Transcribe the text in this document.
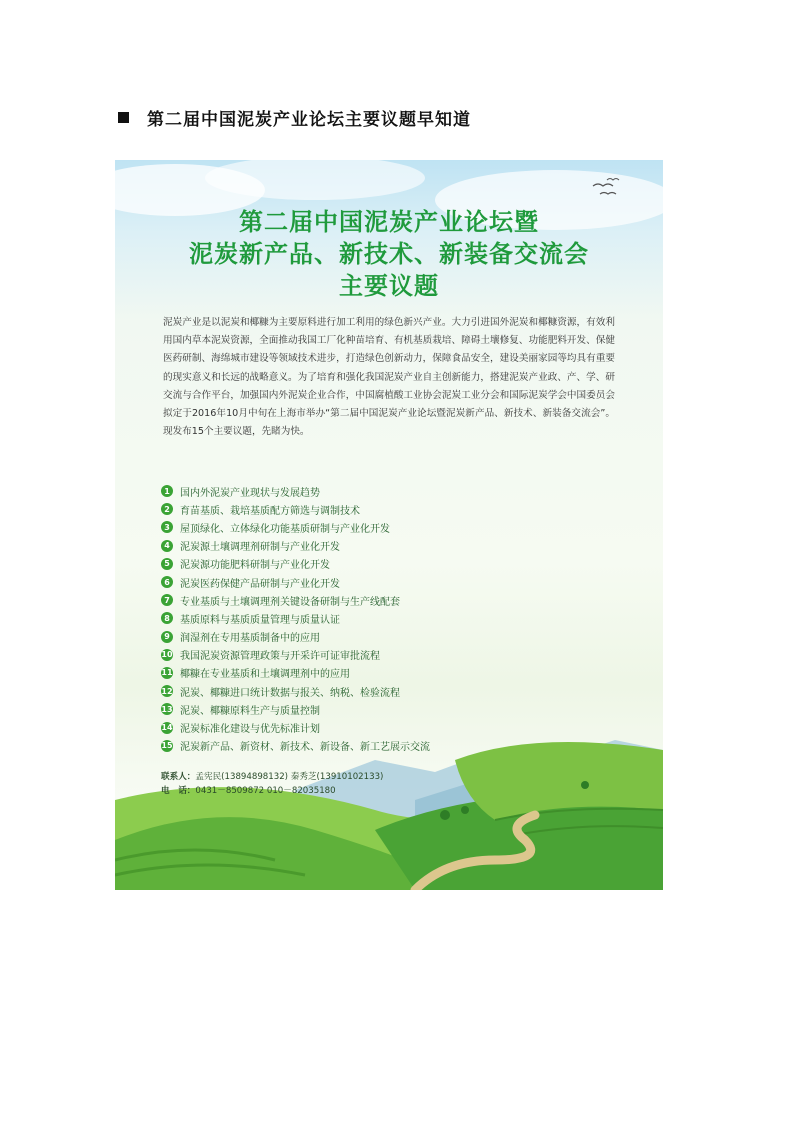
第二届中国泥炭产业论坛主要议题早知道
第二届中国泥炭产业论坛暨
泥炭新产品、新技术、新装备交流会
主要议题
泥炭产业是以泥炭和椰糠为主要原料进行加工利用的绿色新兴产业。大力引进国外泥炭和椰糠资源，有效利用国内草本泥炭资源，全面推动我国工厂化种苗培育、有机基质栽培、障碍土壤修复、功能肥料开发、保健医药研制、海绵城市建设等领域技术进步，打造绿色创新动力，保障食品安全，建设美丽家园等均具有重要的现实意义和长远的战略意义。为了培育和强化我国泥炭产业自主创新能力，搭建泥炭产业政、产、学、研交流与合作平台，加强国内外泥炭企业合作，中国腐植酸工业协会泥炭工业分会和国际泥炭学会中国委员会拟定于2016年10月中旬在上海市举办“第二届中国泥炭产业论坛暨泥炭新产品、新技术、新装备交流会”。现发布15个主要议题，先睹为快。
1	国内外泥炭产业现状与发展趋势
2	育苗基质、栽培基质配方筛选与调制技术
3	屋顶绿化、立体绿化功能基质研制与产业化开发
4	泥炭源土壤调理剂研制与产业化开发
5	泥炭源功能肥料研制与产业化开发
6	泥炭医药保健产品研制与产业化开发
7	专业基质与土壤调理剂关键设备研制与生产线配套
8	基质原料与基质质量管理与质量认证
9	润湿剂在专用基质制备中的应用
10 我国泥炭资源管理政策与开采许可证审批流程
11 椰糠在专业基质和土壤调理剂中的应用
12 泥炭、椰糠进口统计数据与报关、纳税、检验流程
13 泥炭、椰糠原料生产与质量控制
14 泥炭标准化建设与优先标准计划
15 泥炭新产品、新资材、新技术、新设备、新工艺展示交流
联系人：孟宪民(13894898132) 秦秀芝(13910102133)
电　话：0431－8509872 010－82035180
